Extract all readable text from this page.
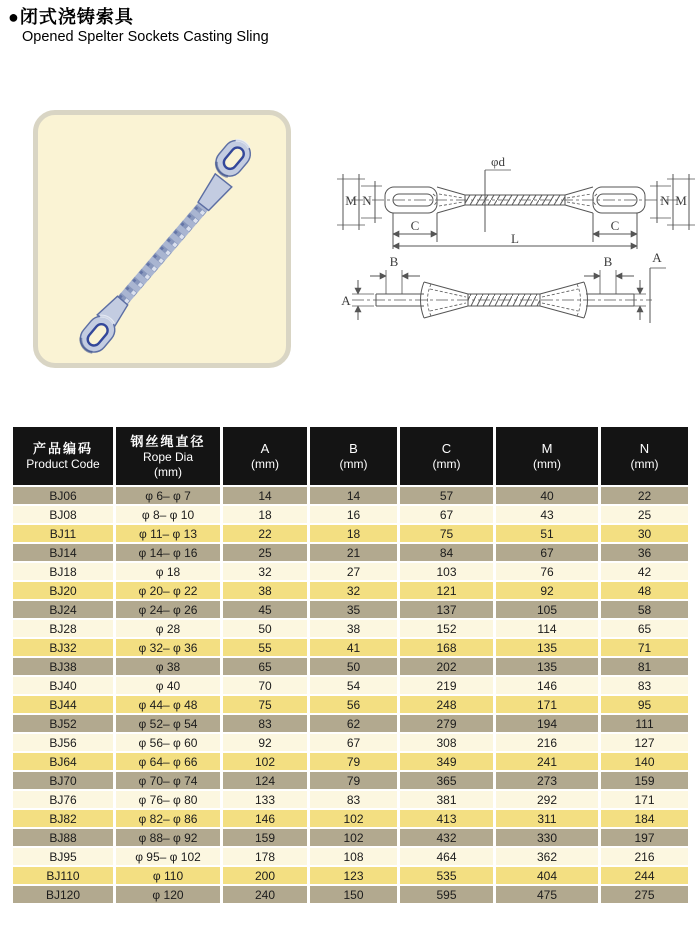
●闭式浇铸索具
Opened Spelter Sockets Casting Sling
M N
φd
C
L
C
N M
A
B	B	A
产品编码
Product Code

钢丝绳直径
Rope Dia
(mm)

A
(mm)

B
(mm)

C
(mm)

M
(mm)

N
(mm)

BJ06	φ 6– φ 7	14	14	57	40	22
BJ08	φ 8– φ 10	18	16	67	43	25
BJ11	φ 11– φ 13	22	18	75	51	30
BJ14	φ 14– φ 16	25	21	84	67	36
BJ18	φ 18	32	27	103	76	42
BJ20	φ 20– φ 22	38	32	121	92	48
BJ24	φ 24– φ 26	45	35	137	105	58
BJ28	φ 28	50	38	152	114	65
BJ32	φ 32– φ 36	55	41	168	135	71
BJ38	φ 38	65	50	202	135	81
BJ40	φ 40	70	54	219	146	83
BJ44	φ 44– φ 48	75	56	248	171	95
BJ52	φ 52– φ 54	83	62	279	194	111
BJ56	φ 56– φ 60	92	67	308	216	127
BJ64	φ 64– φ 66	102	79	349	241	140
BJ70	φ 70– φ 74	124	79	365	273	159
BJ76	φ 76– φ 80	133	83	381	292	171
BJ82	φ 82– φ 86	146	102	413	311	184
BJ88	φ 88– φ 92	159	102	432	330	197
BJ95	φ 95– φ 102	178	108	464	362	216
BJ110	φ 110	200	123	535	404	244
BJ120	φ 120	240	150	595	475	275
